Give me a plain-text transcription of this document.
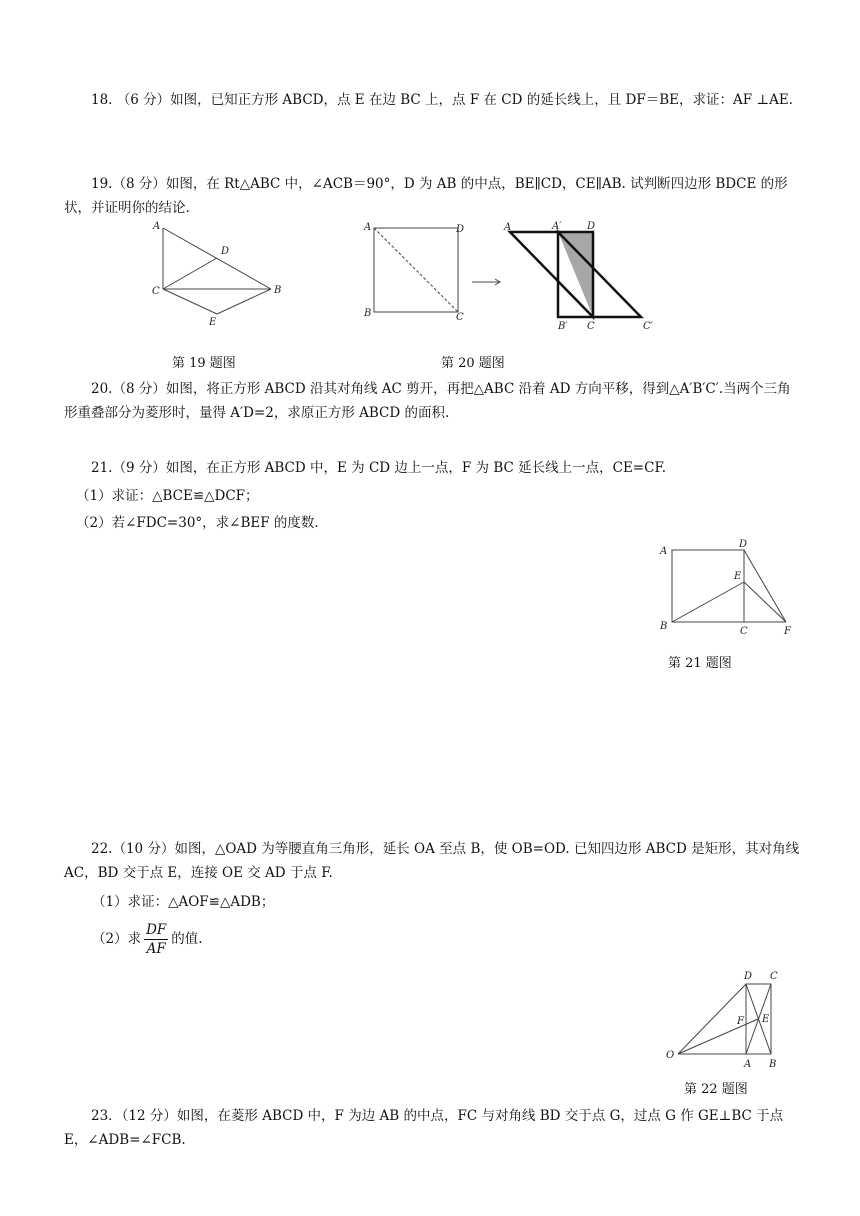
18. （6 分）如图，已知正方形 ABCD，点 E 在边 BC 上，点 F 在 CD 的延长线上，且 DF＝BE，求证：AF ⊥AE.
19.（8 分）如图，在 Rt△ABC 中，∠ACB＝90°，D 为 AB 的中点，BE∥CD，CE∥AB. 试判断四边形 BDCE 的形状，并证明你的结论.
A
D
C	B
E
第 19 题图
A	D
B	C
A	A′	D
B′ C	C′
第 20 题图
20.（8 分）如图，将正方形 ABCD 沿其对角线 AC 剪开，再把△ABC 沿着 AD 方向平移，得到△A′B′C′.当两个三角形重叠部分为菱形时，量得 A′D=2，求原正方形 ABCD 的面积.
21.（9 分）如图，在正方形 ABCD 中，E 为 CD 边上一点，F 为 BC 延长线上一点，CE=CF.
（1）求证：△BCE≌△DCF；
（2）若∠FDC=30°，求∠BEF 的度数.
A
D
E
B	C	F
第 21 题图
22.（10 分）如图，△OAD 为等腰直角三角形，延长 OA 至点 B，使 OB=OD. 已知四边形 ABCD 是矩形，其对角线 AC，BD 交于点 E，连接 OE 交 AD 于点 F.
（1）求证：△AOF≌△ADB；
（2）求 $\frac{DF}{AF}$ 的值.
D C
F E
O
A B
第 22 题图
23．（12 分）如图，在菱形 ABCD 中，F 为边 AB 的中点，FC 与对角线 BD 交于点 G，过点 G 作 GE⊥BC 于点 E，∠ADB=∠FCB.
